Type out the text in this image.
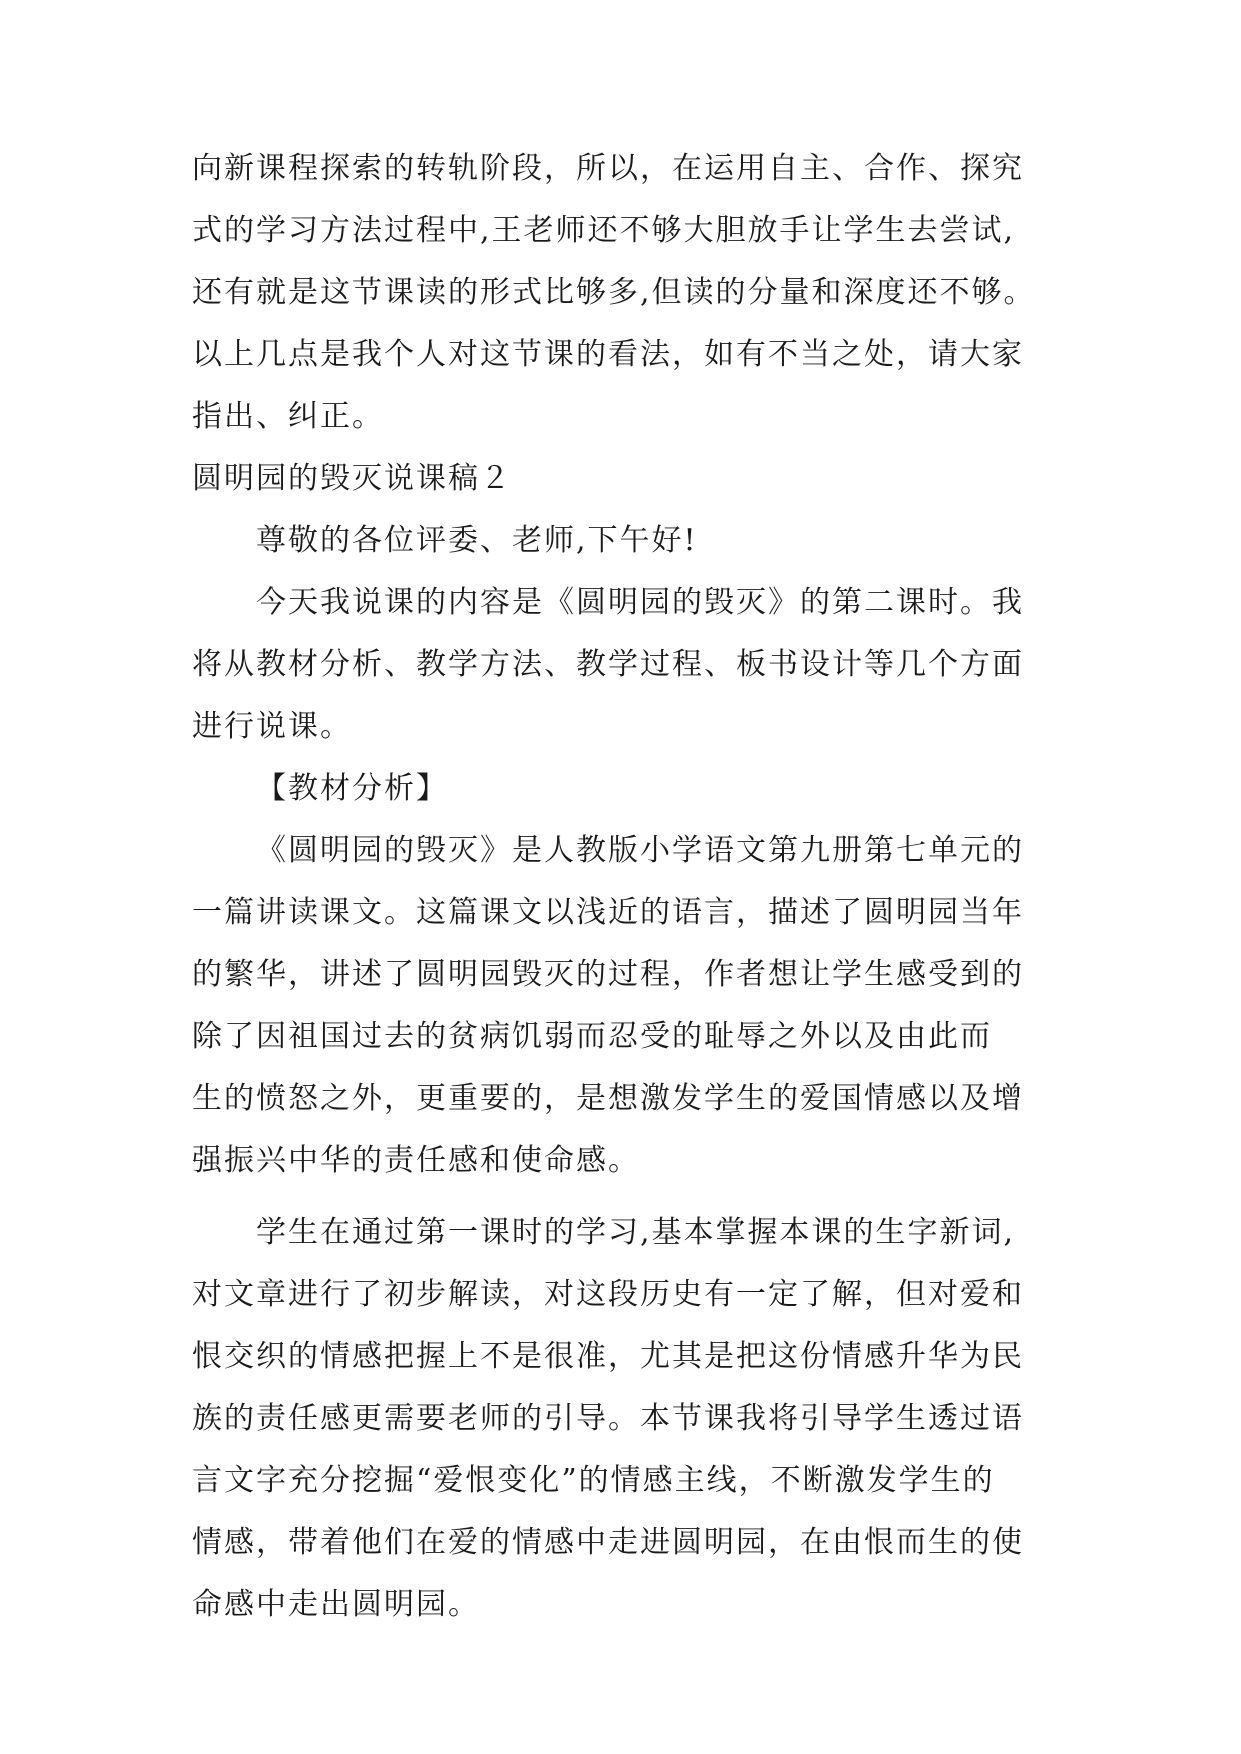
向新课程探索的转轨阶段，所以，在运用自主、合作、探究
式的学习方法过程中,王老师还不够大胆放手让学生去尝试,
还有就是这节课读的形式比够多,但读的分量和深度还不够。
以上几点是我个人对这节课的看法，如有不当之处，请大家
指出、纠正。
圆明园的毁灭说课稿２
尊敬的各位评委、老师,下午好!
今天我说课的内容是《圆明园的毁灭》的第二课时。我
将从教材分析、教学方法、教学过程、板书设计等几个方面
进行说课。
【教材分析】
《圆明园的毁灭》是人教版小学语文第九册第七单元的
一篇讲读课文。这篇课文以浅近的语言，描述了圆明园当年
的繁华，讲述了圆明园毁灭的过程，作者想让学生感受到的
除了因祖国过去的贫病饥弱而忍受的耻辱之外以及由此而
生的愤怒之外，更重要的，是想激发学生的爱国情感以及增
强振兴中华的责任感和使命感。
学生在通过第一课时的学习,基本掌握本课的生字新词,
对文章进行了初步解读，对这段历史有一定了解，但对爱和
恨交织的情感把握上不是很准，尤其是把这份情感升华为民
族的责任感更需要老师的引导。本节课我将引导学生透过语
言文字充分挖掘“爱恨变化”的情感主线，不断激发学生的
情感，带着他们在爱的情感中走进圆明园，在由恨而生的使
命感中走出圆明园。
